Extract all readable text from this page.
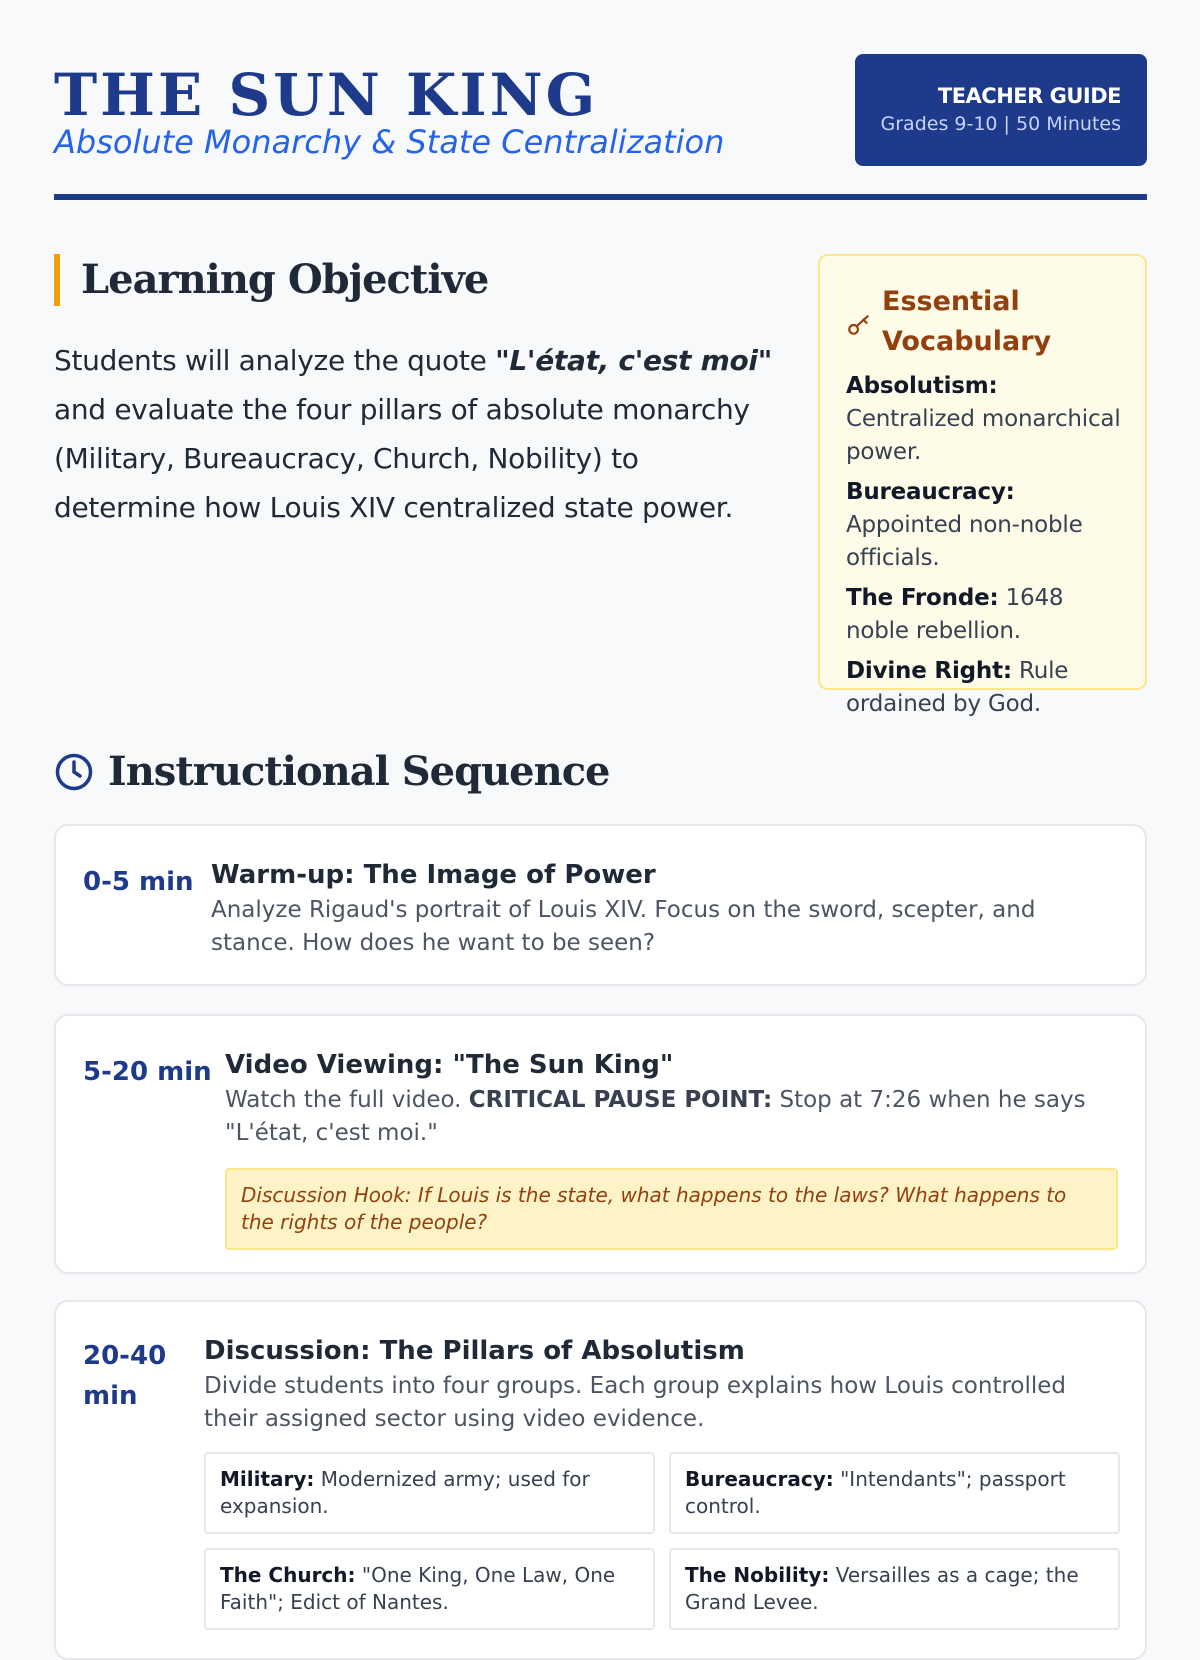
THE SUN KING
Absolute Monarchy & State Centralization
TEACHER GUIDE
Grades 9-10 | 50 Minutes
Learning Objective
Students will analyze the quote "L'état, c'est moi" and evaluate the four pillars of absolute monarchy (Military, Bureaucracy, Church, Nobility) to determine how Louis XIV centralized state power.
Essential Vocabulary
Absolutism: Centralized monarchical power.
Bureaucracy: Appointed non-noble officials.
The Fronde: 1648 noble rebellion.
Divine Right: Rule ordained by God.
Instructional Sequence
0-5 min Warm-up: The Image of Power
Analyze Rigaud's portrait of Louis XIV. Focus on the sword, scepter, and stance. How does he want to be seen?
5-20 min Video Viewing: "The Sun King"
Watch the full video. CRITICAL PAUSE POINT: Stop at 7:26 when he says "L'état, c'est moi."
Discussion Hook: If Louis is the state, what happens to the laws? What happens to the rights of the people?
20-40 min
Discussion: The Pillars of Absolutism
Divide students into four groups. Each group explains how Louis controlled their assigned sector using video evidence.
Military: Modernized army; used for expansion.
Bureaucracy: "Intendants"; passport control.
The Church: "One King, One Law, One Faith"; Edict of Nantes.
The Nobility: Versailles as a cage; the Grand Levee.
